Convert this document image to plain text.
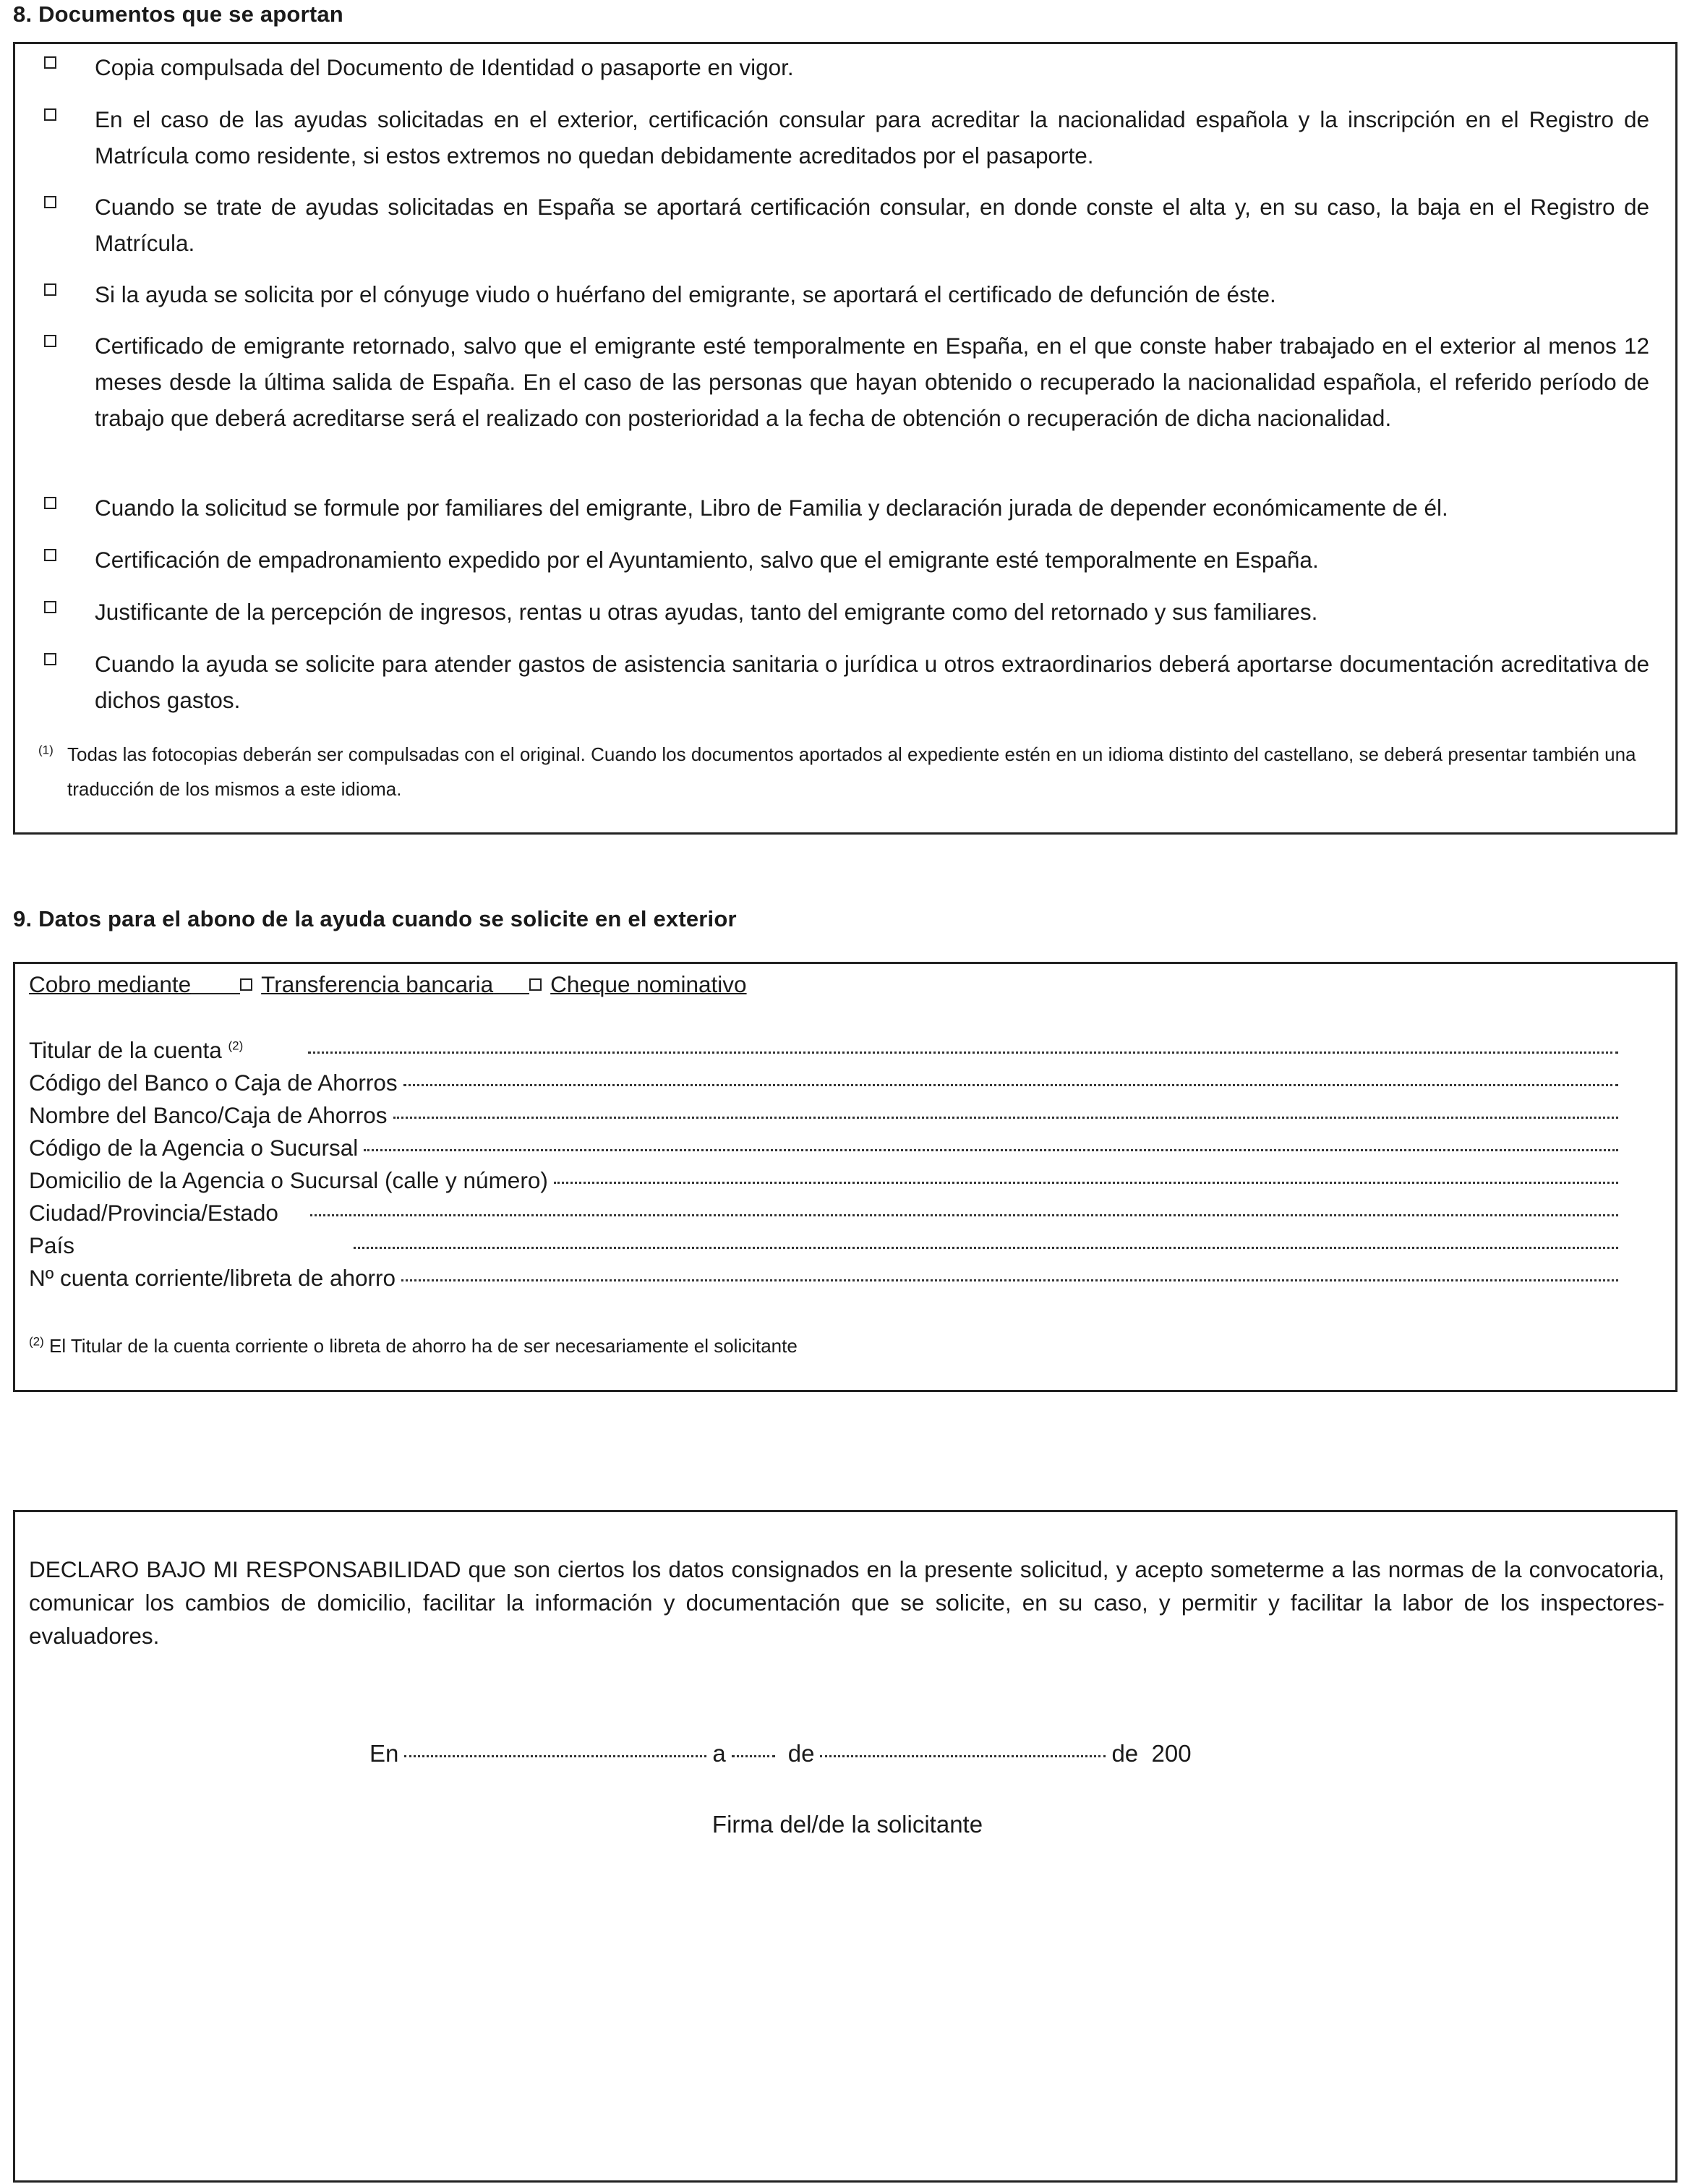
8. Documentos que se aportan
Copia compulsada del Documento de Identidad o pasaporte en vigor.
En el caso de las ayudas solicitadas en el exterior, certificación consular para acreditar la nacionalidad española y la inscripción en el Registro de Matrícula como residente, si estos extremos no quedan debidamente acreditados por el pasaporte.
Cuando se trate de ayudas solicitadas en España se aportará certificación consular, en donde conste el alta y, en su caso, la baja en el Registro de Matrícula.
Si la ayuda se solicita por el cónyuge viudo o huérfano del emigrante, se aportará el certificado de defunción de éste.
Certificado de emigrante retornado, salvo que el emigrante esté temporalmente en España, en el que conste haber trabajado en el exterior al menos 12 meses desde la última salida de España. En el caso de las personas que hayan obtenido o recuperado la nacionalidad española, el referido período de trabajo que deberá acreditarse será el realizado con posterioridad a la fecha de obtención o recuperación de dicha nacionalidad.
Cuando la solicitud se formule por familiares del emigrante, Libro de Familia y declaración jurada de depender económicamente de él.
Certificación de empadronamiento expedido por el Ayuntamiento, salvo que el emigrante esté temporalmente en España.
Justificante de la percepción de ingresos, rentas u otras ayudas, tanto del emigrante como del retornado y sus familiares.
Cuando la ayuda se solicite para atender gastos de asistencia sanitaria o jurídica u otros extraordinarios deberá aportarse documentación acreditativa de dichos gastos.
$^{(1)}$ Todas las fotocopias deberán ser compulsadas con el original. Cuando los documentos aportados al expediente estén en un idioma distinto del castellano, se deberá presentar también una traducción de los mismos a este idioma.
9. Datos para el abono de la ayuda cuando se solicite en el exterior
Cobro mediante	Transferencia bancaria	Cheque nominativo
Titular de la cuenta $^{(2)}$
Código del Banco o Caja de Ahorros
Nombre del Banco/Caja de Ahorros
Código de la Agencia o Sucursal
Domicilio de la Agencia o Sucursal (calle y número)
Ciudad/Provincia/Estado
País
Nº cuenta corriente/libreta de ahorro
$^{(2)}$ El Titular de la cuenta corriente o libreta de ahorro ha de ser necesariamente el solicitante
DECLARO BAJO MI RESPONSABILIDAD que son ciertos los datos consignados en la presente solicitud, y acepto someterme a las normas de la convocatoria, comunicar los cambios de domicilio, facilitar la información y documentación que se solicite, en su caso, y permitir y facilitar la labor de los inspectores-evaluadores.
En	a	de	de  200
Firma del/de la solicitante
